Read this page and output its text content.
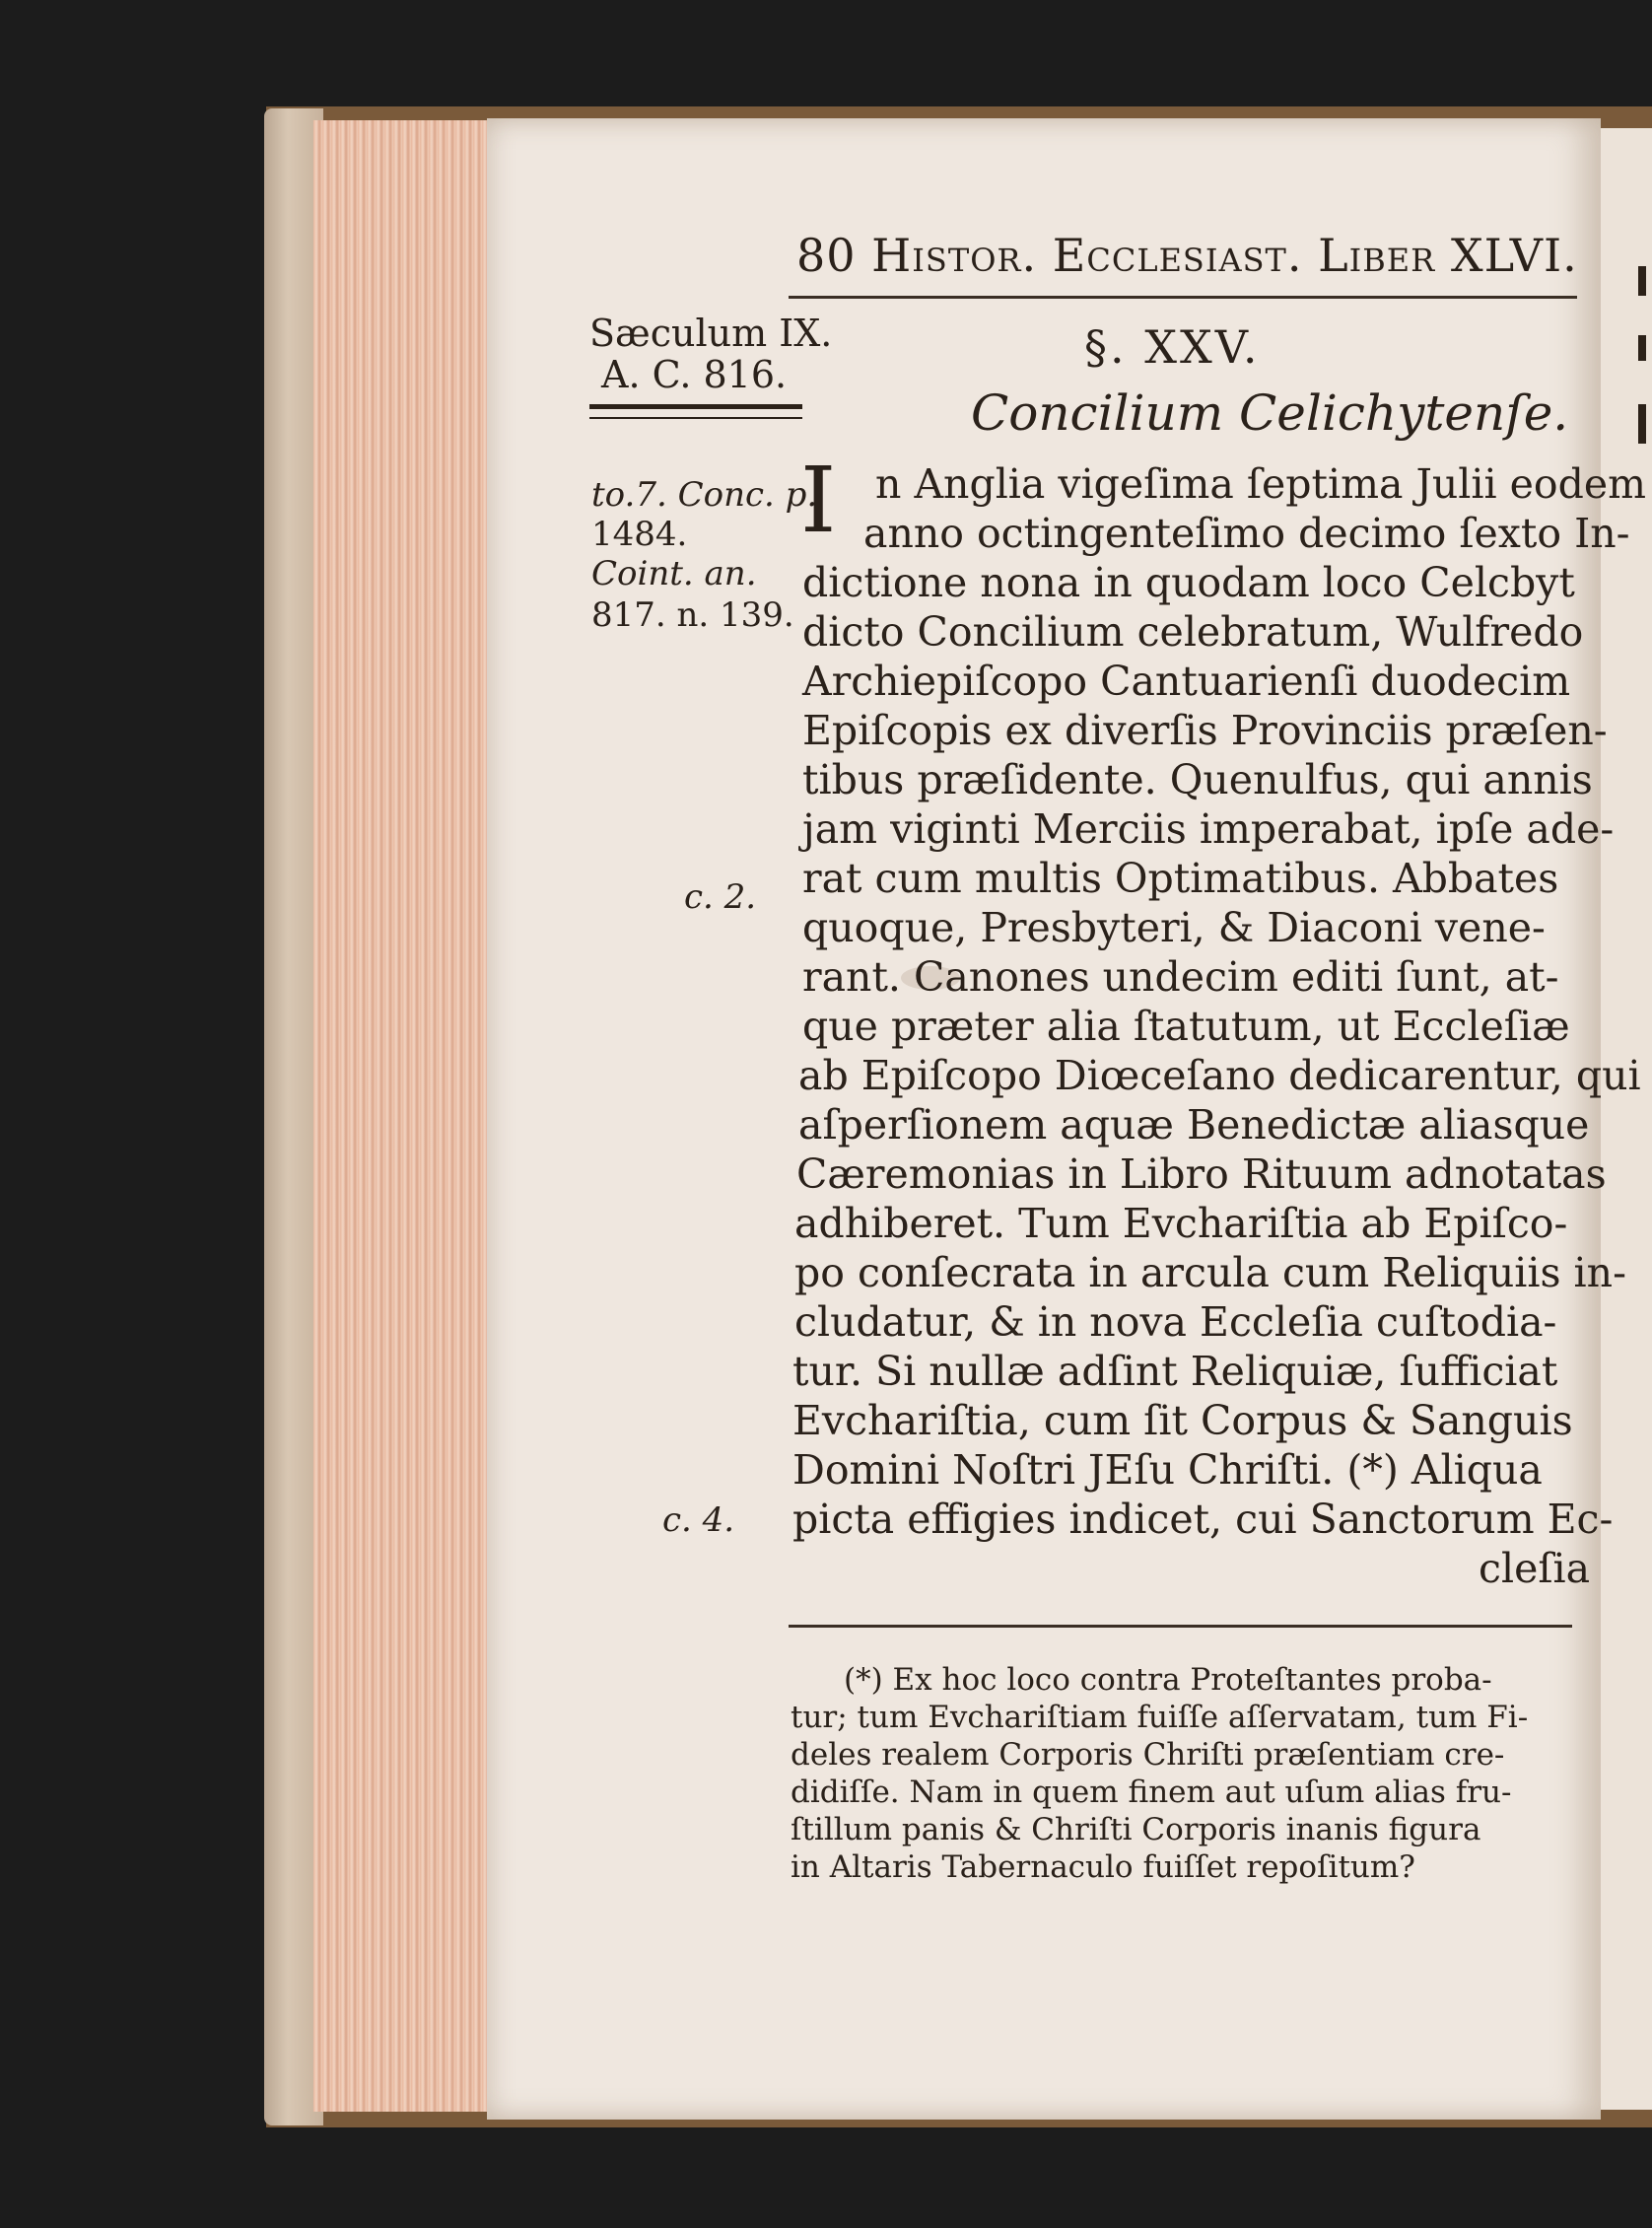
80 Histor. Ecclesiast. Liber XLVI.
Sæculum IX.
A. C. 816.
§. XXV.
Concilium Celichytenſe.
to.7. Conc. p.
1484.
Coint. an.
817. n. 139.
c. 2.
c. 4.
I n Anglia vigeſima ſeptima Julii eodem
anno octingenteſimo decimo ſexto In-
dictione nona in quodam loco Celcbyt
dicto Concilium celebratum, Wulfredo
Archiepiſcopo Cantuarienſi duodecim
Epiſcopis ex diverſis Provinciis præſen-
tibus præſidente. Quenulfus, qui annis
jam viginti Merciis imperabat, ipſe ade-
rat cum multis Optimatibus. Abbates
quoque, Presbyteri, & Diaconi vene-
rant. Canones undecim editi ſunt, at-
que præter alia ſtatutum, ut Eccleſiæ
ab Epiſcopo Diœceſano dedicarentur, qui
aſperſionem aquæ Benedictæ aliasque
Cæremonias in Libro Rituum adnotatas
adhiberet. Tum Evchariſtia ab Epiſco-
po conſecrata in arcula cum Reliquiis in-
cludatur, & in nova Eccleſia cuſtodia-
tur. Si nullæ adſint Reliquiæ, ſufficiat
Evchariſtia, cum ſit Corpus & Sanguis
Domini Noſtri JEſu Chriſti. (*) Aliqua
picta effigies indicet, cui Sanctorum Ec-
cleſia
(*) Ex hoc loco contra Proteſtantes proba-
tur; tum Evchariſtiam fuiſſe aſſervatam, tum Fi-
deles realem Corporis Chriſti præſentiam cre-
didiſſe. Nam in quem finem aut uſum alias fru-
ſtillum panis & Chriſti Corporis inanis figura
in Altaris Tabernaculo fuiſſet repoſitum?
